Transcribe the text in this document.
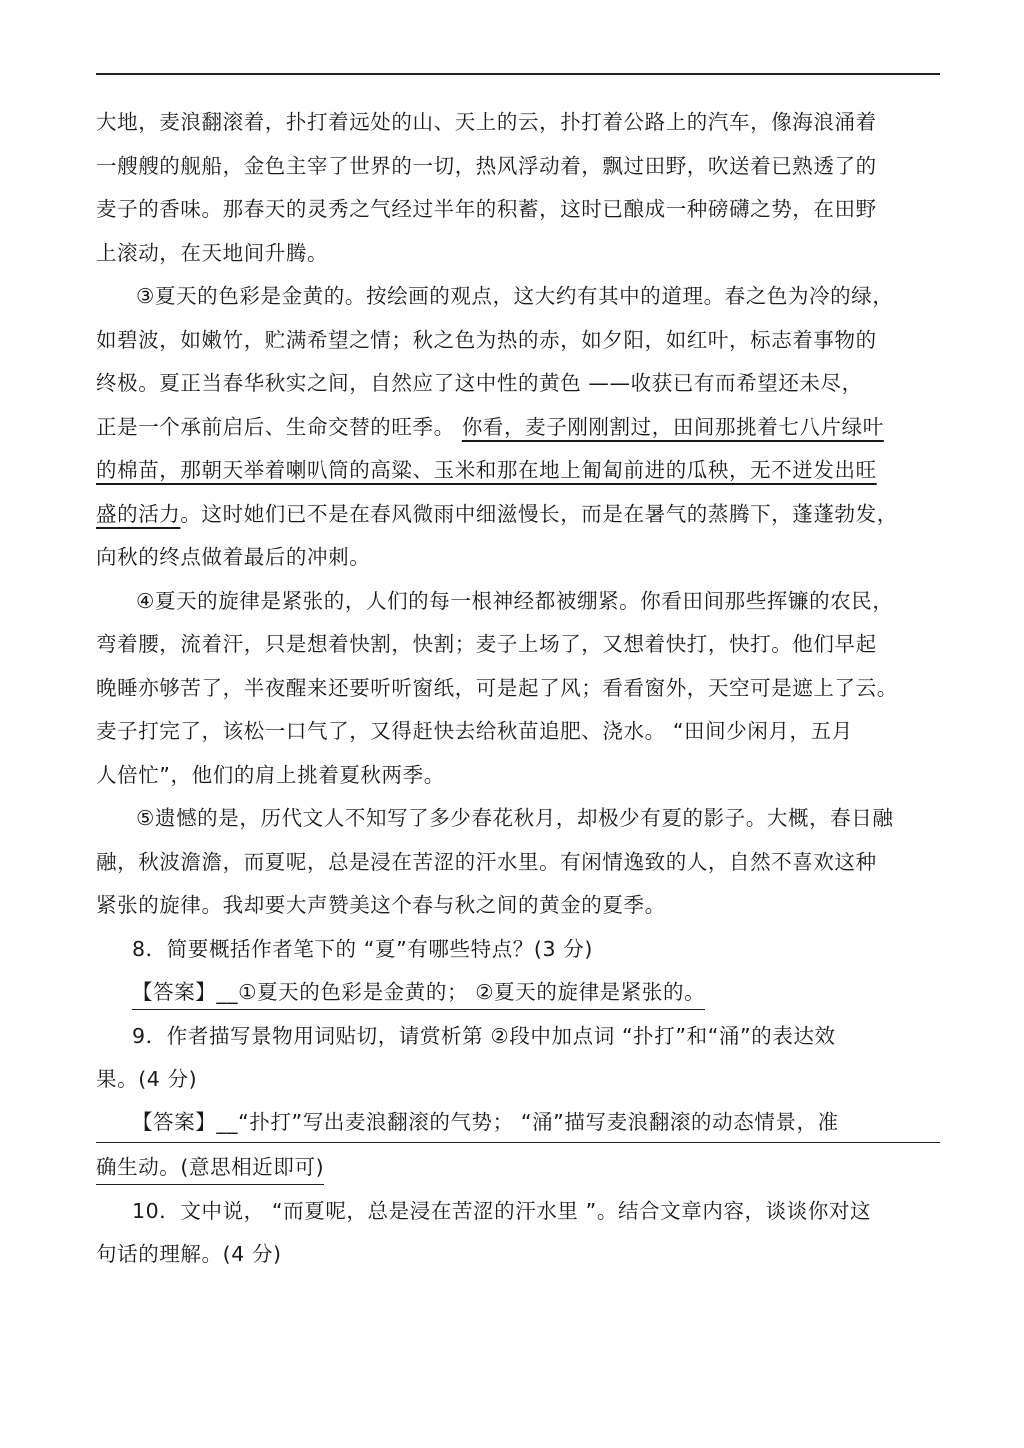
大地，麦浪翻滚着，扑打着远处的山、天上的云，扑打着公路上的汽车，像海浪涌着
一艘艘的舰船，金色主宰了世界的一切，热风浮动着，飘过田野，吹送着已熟透了的
麦子的香味。那春天的灵秀之气经过半年的积蓄，这时已酿成一种磅礴之势，在田野
上滚动，在天地间升腾。
③夏天的色彩是金黄的。按绘画的观点，这大约有其中的道理。春之色为冷的绿，
如碧波，如嫩竹，贮满希望之情；秋之色为热的赤，如夕阳，如红叶，标志着事物的
终极。夏正当春华秋实之间，自然应了这中性的黄色 ——收获已有而希望还未尽，
正是一个承前启后、生命交替的旺季。 你看，麦子刚刚割过，田间那挑着七八片绿叶
的棉苗，那朝天举着喇叭筒的高粱、玉米和那在地上匍匐前进的瓜秧，无不迸发出旺
盛的活力。这时她们已不是在春风微雨中细滋慢长，而是在暑气的蒸腾下，蓬蓬勃发，
向秋的终点做着最后的冲刺。
④夏天的旋律是紧张的，人们的每一根神经都被绷紧。你看田间那些挥镰的农民，
弯着腰，流着汗，只是想着快割，快割；麦子上场了，又想着快打，快打。他们早起
晚睡亦够苦了，半夜醒来还要听听窗纸，可是起了风；看看窗外，天空可是遮上了云。
麦子打完了，该松一口气了，又得赶快去给秋苗追肥、浇水。 “田间少闲月，五月
人倍忙”，他们的肩上挑着夏秋两季。
⑤遗憾的是，历代文人不知写了多少春花秋月，却极少有夏的影子。大概，春日融
融，秋波澹澹，而夏呢，总是浸在苦涩的汗水里。有闲情逸致的人，自然不喜欢这种
紧张的旋律。我却要大声赞美这个春与秋之间的黄金的夏季。
8．简要概括作者笔下的 “夏”有哪些特点？(3 分)
【答案】__①夏天的色彩是金黄的； ②夏天的旋律是紧张的。
9．作者描写景物用词贴切，请赏析第 ②段中加点词 “扑打”和“涌”的表达效
果。(4 分)
【答案】__“扑打”写出麦浪翻滚的气势； “涌”描写麦浪翻滚的动态情景，准
确生动。(意思相近即可)
10．文中说， “而夏呢，总是浸在苦涩的汗水里 ”。结合文章内容，谈谈你对这
句话的理解。(4 分)
